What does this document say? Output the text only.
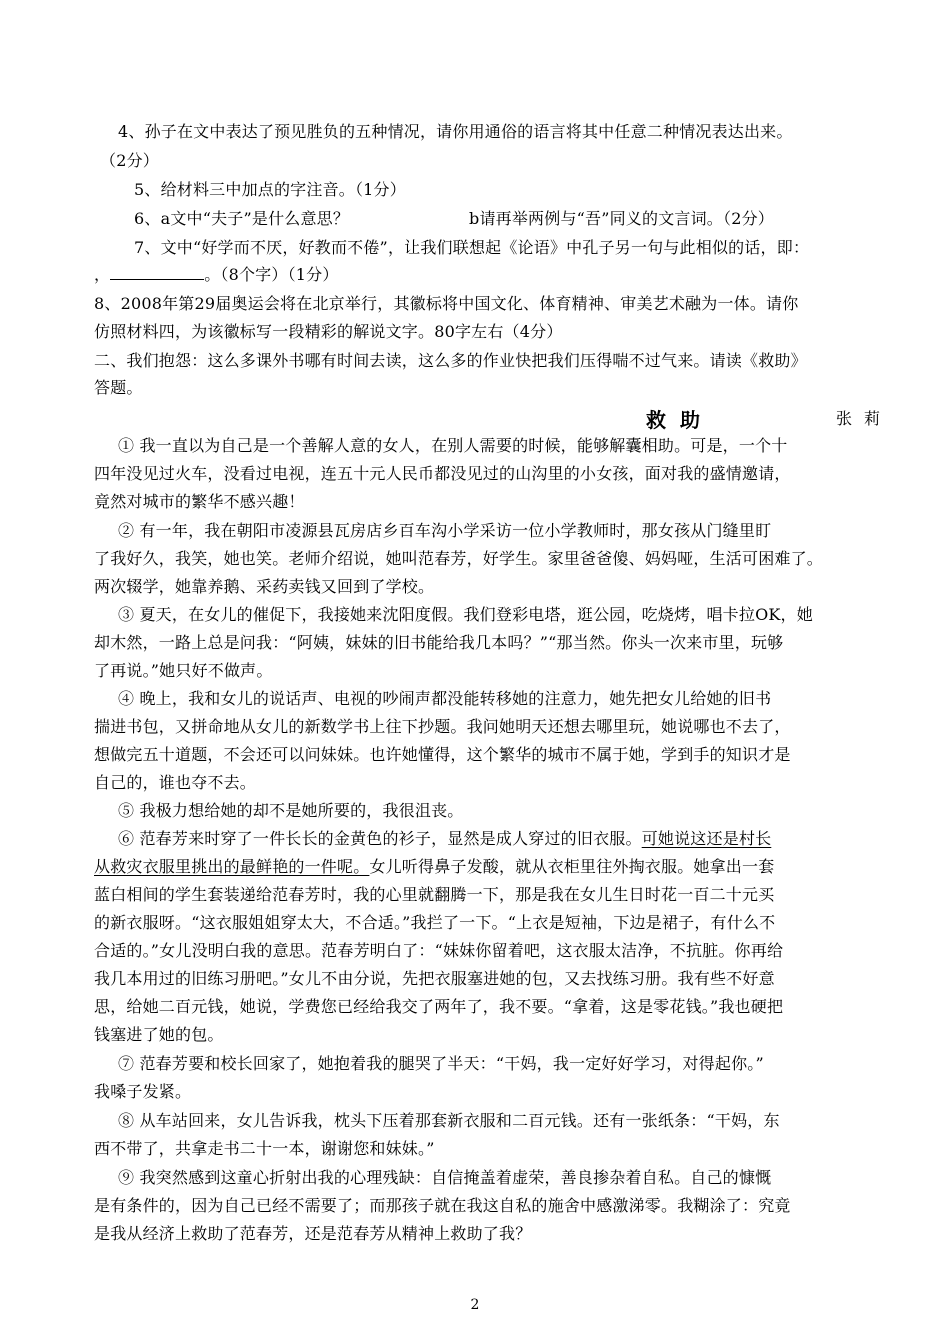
4、孙子在文中表达了预见胜负的五种情况，请你用通俗的语言将其中任意二种情况表达出来。
（2分）
5、给材料三中加点的字注音。（1分）
6、a文中“夫子”是什么意思？	b请再举两例与“吾”同义的文言词。（2分）
7、文中“好学而不厌，好教而不倦”，让我们联想起《论语》中孔子另一句与此相似的话，即：
，	。（8个字）（1分）
8、2008年第29届奥运会将在北京举行，其徽标将中国文化、体育精神、审美艺术融为一体。请你
仿照材料四，为该徽标写一段精彩的解说文字。80字左右（4分）
二、我们抱怨：这么多课外书哪有时间去读，这么多的作业快把我们压得喘不过气来。请读《救助》
答题。
救助	张莉
① 我一直以为自己是一个善解人意的女人，在别人需要的时候，能够解囊相助。可是，一个十
四年没见过火车，没看过电视，连五十元人民币都没见过的山沟里的小女孩，面对我的盛情邀请，
竟然对城市的繁华不感兴趣！
② 有一年，我在朝阳市凌源县瓦房店乡百车沟小学采访一位小学教师时，那女孩从门缝里盯
了我好久，我笑，她也笑。老师介绍说，她叫范春芳，好学生。家里爸爸傻、妈妈哑，生活可困难了。
两次辍学，她靠养鹅、采药卖钱又回到了学校。
③ 夏天，在女儿的催促下，我接她来沈阳度假。我们登彩电塔，逛公园，吃烧烤，唱卡拉OK，她
却木然，一路上总是问我：“阿姨，妹妹的旧书能给我几本吗？”“那当然。你头一次来市里，玩够
了再说。”她只好不做声。
④ 晚上，我和女儿的说话声、电视的吵闹声都没能转移她的注意力，她先把女儿给她的旧书
揣进书包，又拼命地从女儿的新数学书上往下抄题。我问她明天还想去哪里玩，她说哪也不去了，
想做完五十道题，不会还可以问妹妹。也许她懂得，这个繁华的城市不属于她，学到手的知识才是
自己的，谁也夺不去。
⑤ 我极力想给她的却不是她所要的，我很沮丧。
⑥ 范春芳来时穿了一件长长的金黄色的衫子，显然是成人穿过的旧衣服。可她说这还是村长
从救灾衣服里挑出的最鲜艳的一件呢。女儿听得鼻子发酸，就从衣柜里往外掏衣服。她拿出一套
蓝白相间的学生套装递给范春芳时，我的心里就翻腾一下，那是我在女儿生日时花一百二十元买
的新衣服呀。“这衣服姐姐穿太大，不合适。”我拦了一下。“上衣是短袖，下边是裙子，有什么不
合适的。”女儿没明白我的意思。范春芳明白了：“妹妹你留着吧，这衣服太洁净，不抗脏。你再给
我几本用过的旧练习册吧。”女儿不由分说，先把衣服塞进她的包，又去找练习册。我有些不好意
思，给她二百元钱，她说，学费您已经给我交了两年了，我不要。“拿着，这是零花钱。”我也硬把
钱塞进了她的包。
⑦ 范春芳要和校长回家了，她抱着我的腿哭了半天：“干妈，我一定好好学习，对得起你。”
我嗓子发紧。
⑧ 从车站回来，女儿告诉我，枕头下压着那套新衣服和二百元钱。还有一张纸条：“干妈，东
西不带了，共拿走书二十一本，谢谢您和妹妹。”
⑨ 我突然感到这童心折射出我的心理残缺：自信掩盖着虚荣，善良掺杂着自私。自己的慷慨
是有条件的，因为自己已经不需要了；而那孩子就在我这自私的施舍中感激涕零。我糊涂了：究竟
是我从经济上救助了范春芳，还是范春芳从精神上救助了我？
2
